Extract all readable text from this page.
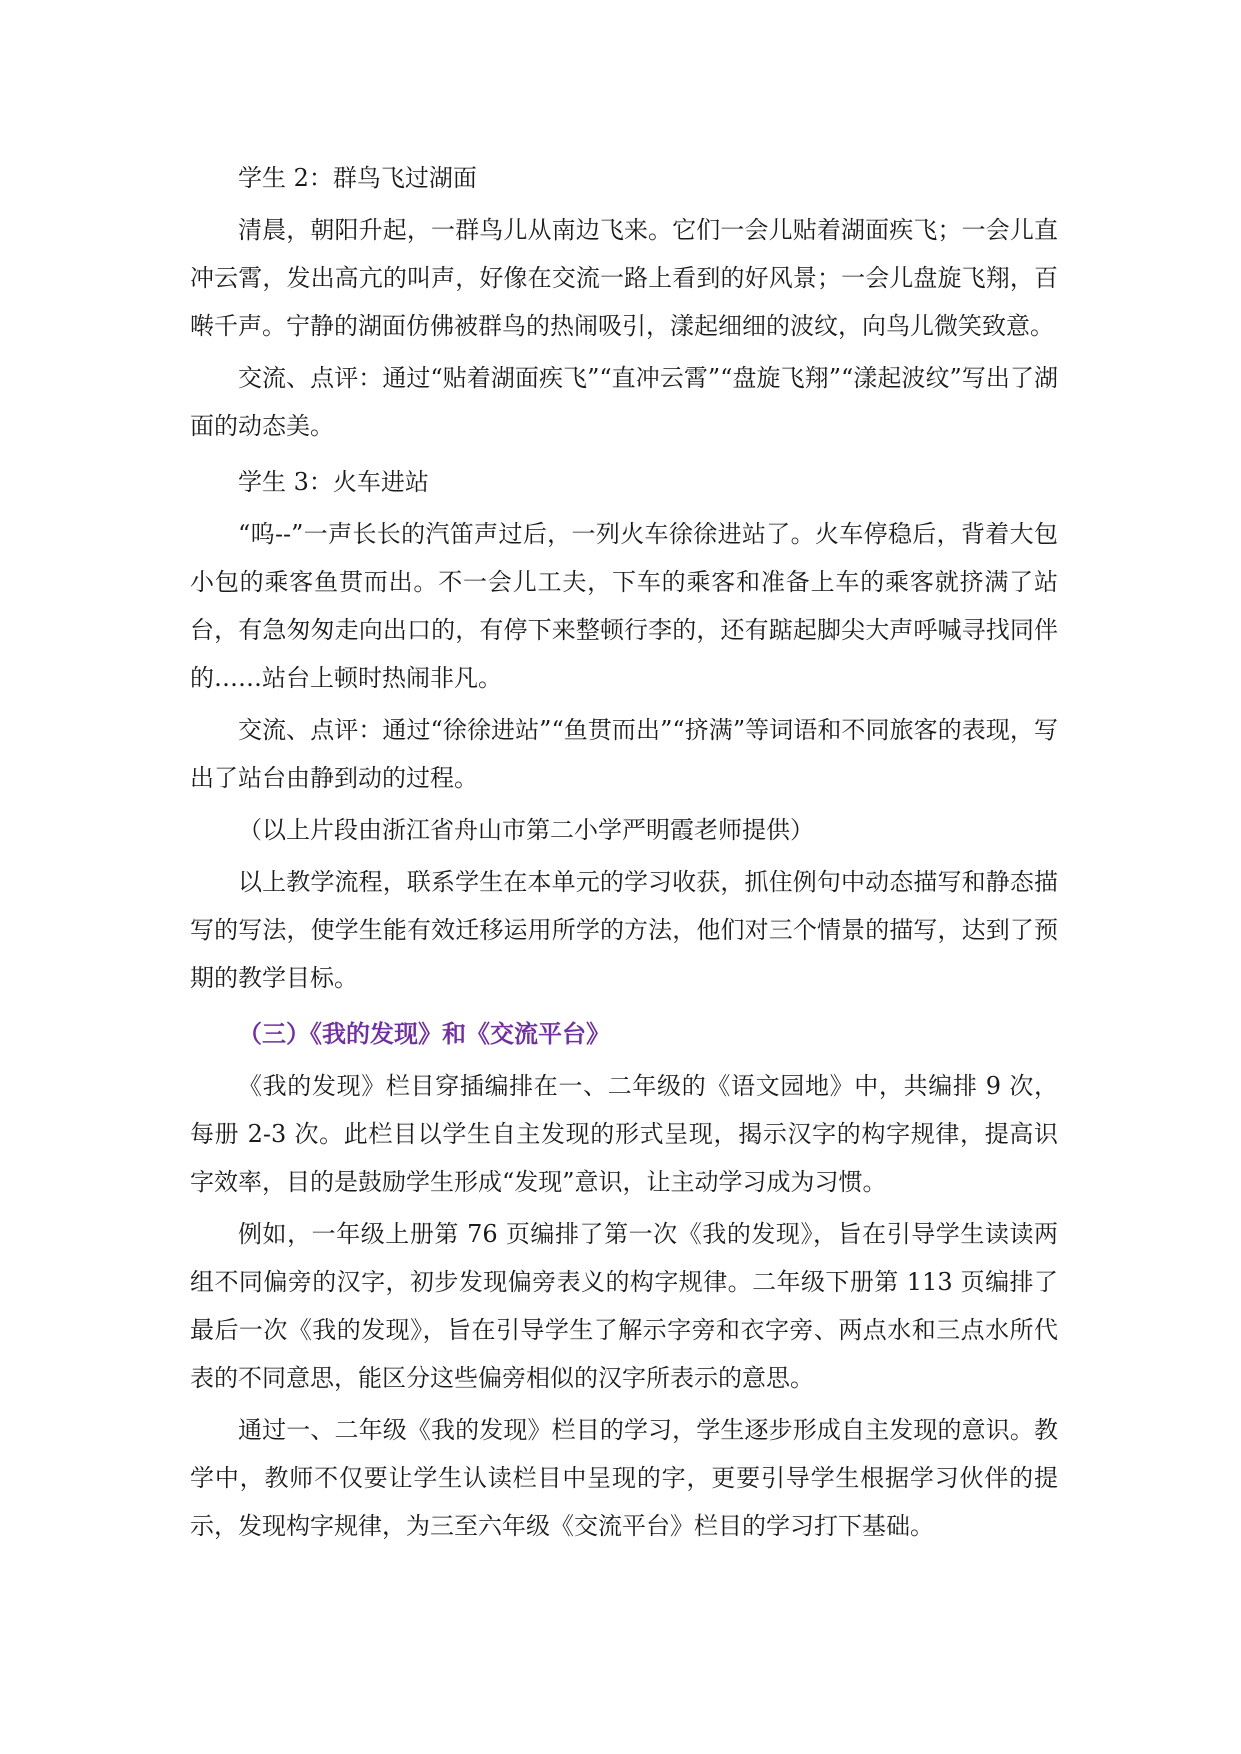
学生 2：群鸟飞过湖面

清晨，朝阳升起，一群鸟儿从南边飞来。它们一会儿贴着湖面疾飞；一会儿直冲云霄，发出高亢的叫声，好像在交流一路上看到的好风景；一会儿盘旋飞翔，百啭千声。宁静的湖面仿佛被群鸟的热闹吸引，漾起细细的波纹，向鸟儿微笑致意。

交流、点评：通过“贴着湖面疾飞”“直冲云霄”“盘旋飞翔”“漾起波纹”写出了湖面的动态美。

学生 3：火车进站

“呜--”一声长长的汽笛声过后，一列火车徐徐进站了。火车停稳后，背着大包小包的乘客鱼贯而出。不一会儿工夫，下车的乘客和准备上车的乘客就挤满了站台，有急匆匆走向出口的，有停下来整顿行李的，还有踮起脚尖大声呼喊寻找同伴的……站台上顿时热闹非凡。

交流、点评：通过“徐徐进站”“鱼贯而出”“挤满”等词语和不同旅客的表现，写出了站台由静到动的过程。

（以上片段由浙江省舟山市第二小学严明霞老师提供）

以上教学流程，联系学生在本单元的学习收获，抓住例句中动态描写和静态描写的写法，使学生能有效迁移运用所学的方法，他们对三个情景的描写，达到了预期的教学目标。

（三）《我的发现》和《交流平台》

《我的发现》栏目穿插编排在一、二年级的《语文园地》中，共编排 9 次，每册 2-3 次。此栏目以学生自主发现的形式呈现，揭示汉字的构字规律，提高识字效率，目的是鼓励学生形成“发现”意识，让主动学习成为习惯。

例如，一年级上册第 76 页编排了第一次《我的发现》，旨在引导学生读读两组不同偏旁的汉字，初步发现偏旁表义的构字规律。二年级下册第 113 页编排了最后一次《我的发现》，旨在引导学生了解示字旁和衣字旁、两点水和三点水所代表的不同意思，能区分这些偏旁相似的汉字所表示的意思。

通过一、二年级《我的发现》栏目的学习，学生逐步形成自主发现的意识。教学中，教师不仅要让学生认读栏目中呈现的字，更要引导学生根据学习伙伴的提示，发现构字规律，为三至六年级《交流平台》栏目的学习打下基础。
